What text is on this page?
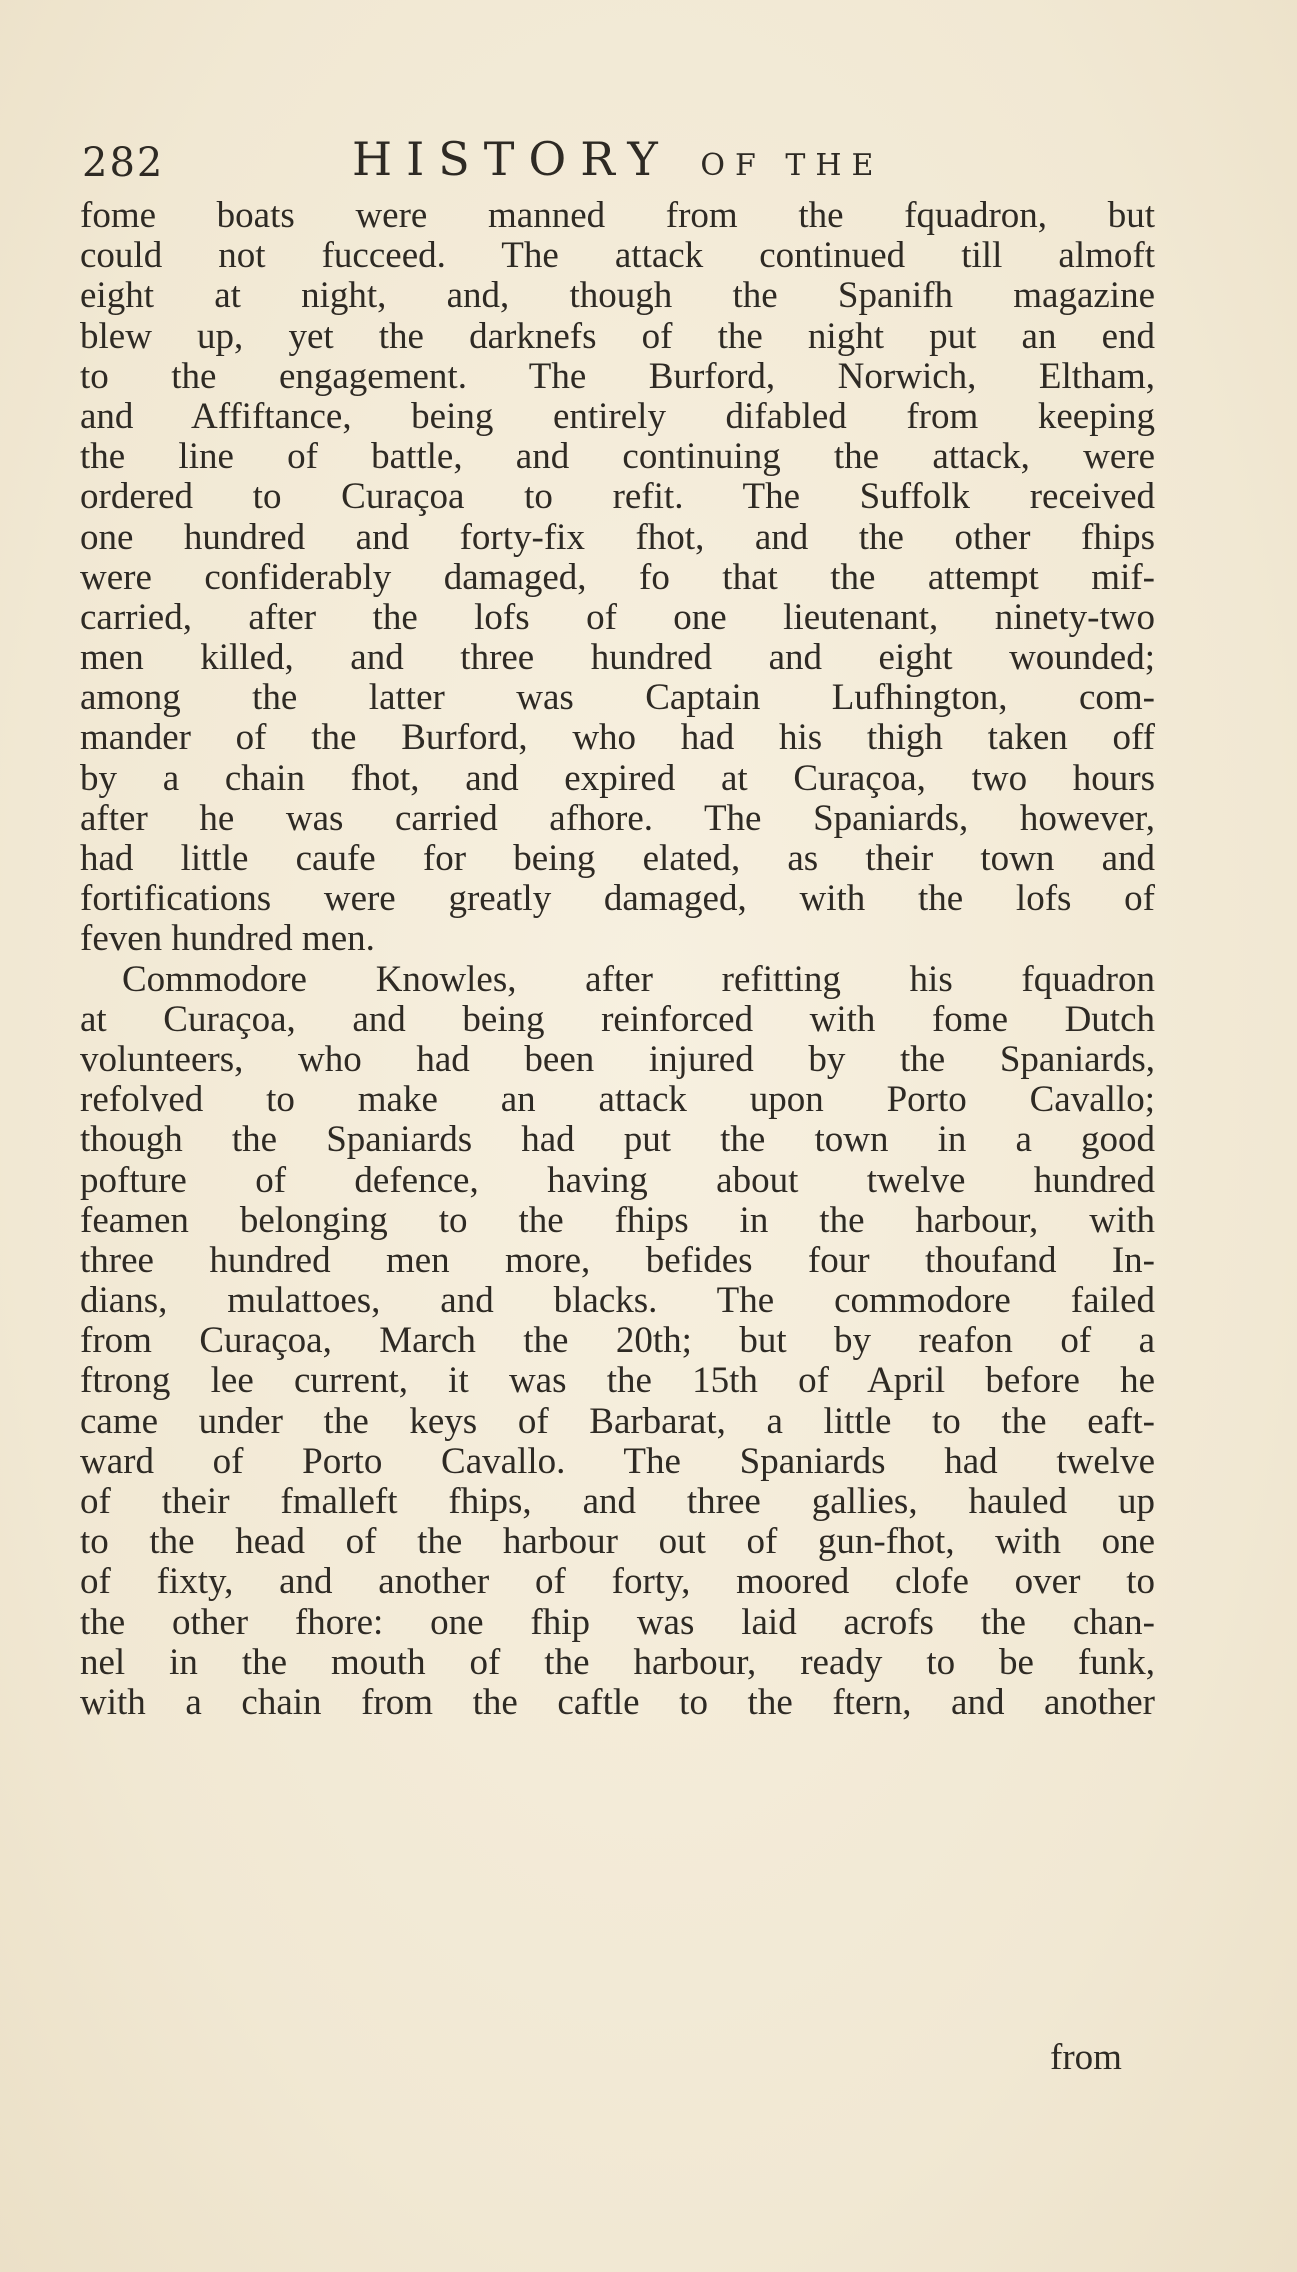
282	HISTORY OF THE
fome boats were manned from the fquadron, but
could not fucceed. The attack continued till almoft
eight at night, and, though the Spanifh magazine
blew up, yet the darknefs of the night put an end
to the engagement. The Burford, Norwich, Eltham,
and Affiftance, being entirely difabled from keeping
the line of battle, and continuing the attack, were
ordered to Curaçoa to refit. The Suffolk received
one hundred and forty-fix fhot, and the other fhips
were confiderably damaged, fo that the attempt mif-
carried, after the lofs of one lieutenant, ninety-two
men killed, and three hundred and eight wounded;
among the latter was Captain Lufhington, com-
mander of the Burford, who had his thigh taken off
by a chain fhot, and expired at Curaçoa, two hours
after he was carried afhore. The Spaniards, however,
had little caufe for being elated, as their town and
fortifications were greatly damaged, with the lofs of
feven hundred men.
Commodore Knowles, after refitting his fquadron
at Curaçoa, and being reinforced with fome Dutch
volunteers, who had been injured by the Spaniards,
refolved to make an attack upon Porto Cavallo;
though the Spaniards had put the town in a good
pofture of defence, having about twelve hundred
feamen belonging to the fhips in the harbour, with
three hundred men more, befides four thoufand In-
dians, mulattoes, and blacks. The commodore failed
from Curaçoa, March the 20th; but by reafon of a
ftrong lee current, it was the 15th of April before he
came under the keys of Barbarat, a little to the eaft-
ward of Porto Cavallo. The Spaniards had twelve
of their fmalleft fhips, and three gallies, hauled up
to the head of the harbour out of gun-fhot, with one
of fixty, and another of forty, moored clofe over to
the other fhore: one fhip was laid acrofs the chan-
nel in the mouth of the harbour, ready to be funk,
with a chain from the caftle to the ftern, and another
from
